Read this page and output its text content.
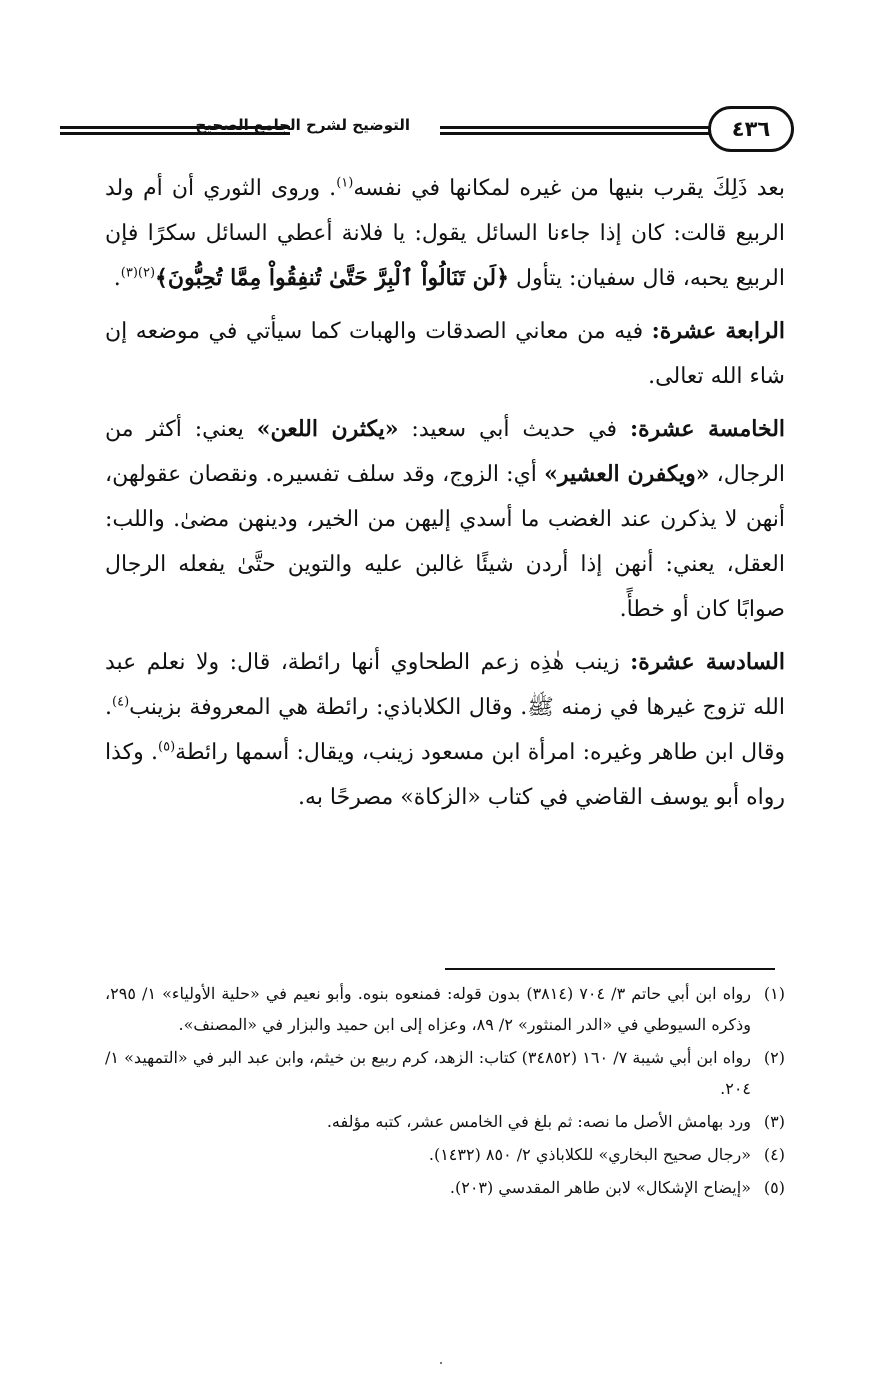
التوضيح لشرح الجامع الصحيح	٤٣٦

بعد ذَلِكَ يقرب بنيها من غيره لمكانها في نفسه$^{(١)}$. وروى الثوري أن أم ولد الربيع قالت: كان إذا جاءنا السائل يقول: يا فلانة أعطي السائل سكرًا فإن الربيع يحبه، قال سفيان: يتأول ﴿لَن تَنَالُواْ ٱلْبِرَّ حَتَّىٰ تُنفِقُواْ مِمَّا تُحِبُّونَ﴾$^{(٢)(٣)}$.

الرابعة عشرة: فيه من معاني الصدقات والهبات كما سيأتي في موضعه إن شاء الله تعالى.

الخامسة عشرة: في حديث أبي سعيد: «يكثرن اللعن» يعني: أكثر من الرجال، «ويكفرن العشير» أي: الزوج، وقد سلف تفسيره. ونقصان عقولهن، أنهن لا يذكرن عند الغضب ما أسدي إليهن من الخير، ودينهن مضىٰ. واللب: العقل، يعني: أنهن إذا أردن شيئًا غالبن عليه والتوين حتَّىٰ يفعله الرجال صوابًا كان أو خطأً.

السادسة عشرة: زينب هٰذِه زعم الطحاوي أنها رائطة، قال: ولا نعلم عبد الله تزوج غيرها في زمنه ﷺ. وقال الكلاباذي: رائطة هي المعروفة بزينب$^{(٤)}$. وقال ابن طاهر وغيره: امرأة ابن مسعود زينب، ويقال: أسمها رائطة$^{(٥)}$. وكذا رواه أبو يوسف القاضي في كتاب «الزكاة» مصرحًا به.

(١)
رواه ابن أبي حاتم ٣/ ٧٠٤ (٣٨١٤) بدون قوله: فمنعوه بنوه. وأبو نعيم في «حلية الأولياء» ١/ ٢٩٥، وذكره السيوطي في «الدر المنثور» ٢/ ٨٩، وعزاه إلى ابن حميد والبزار في «المصنف».
(٢)
رواه ابن أبي شيبة ٧/ ١٦٠ (٣٤٨٥٢) كتاب: الزهد، كرم ربيع بن خيثم، وابن عبد البر في «التمهيد» ١/ ٢٠٤.
(٣)
ورد بهامش الأصل ما نصه: ثم بلغ في الخامس عشر، كتبه مؤلفه.
(٤)
«رجال صحيح البخاري» للكلاباذي ٢/ ٨٥٠ (١٤٣٢).
(٥)
«إيضاح الإشكال» لابن طاهر المقدسي (٢٠٣).
